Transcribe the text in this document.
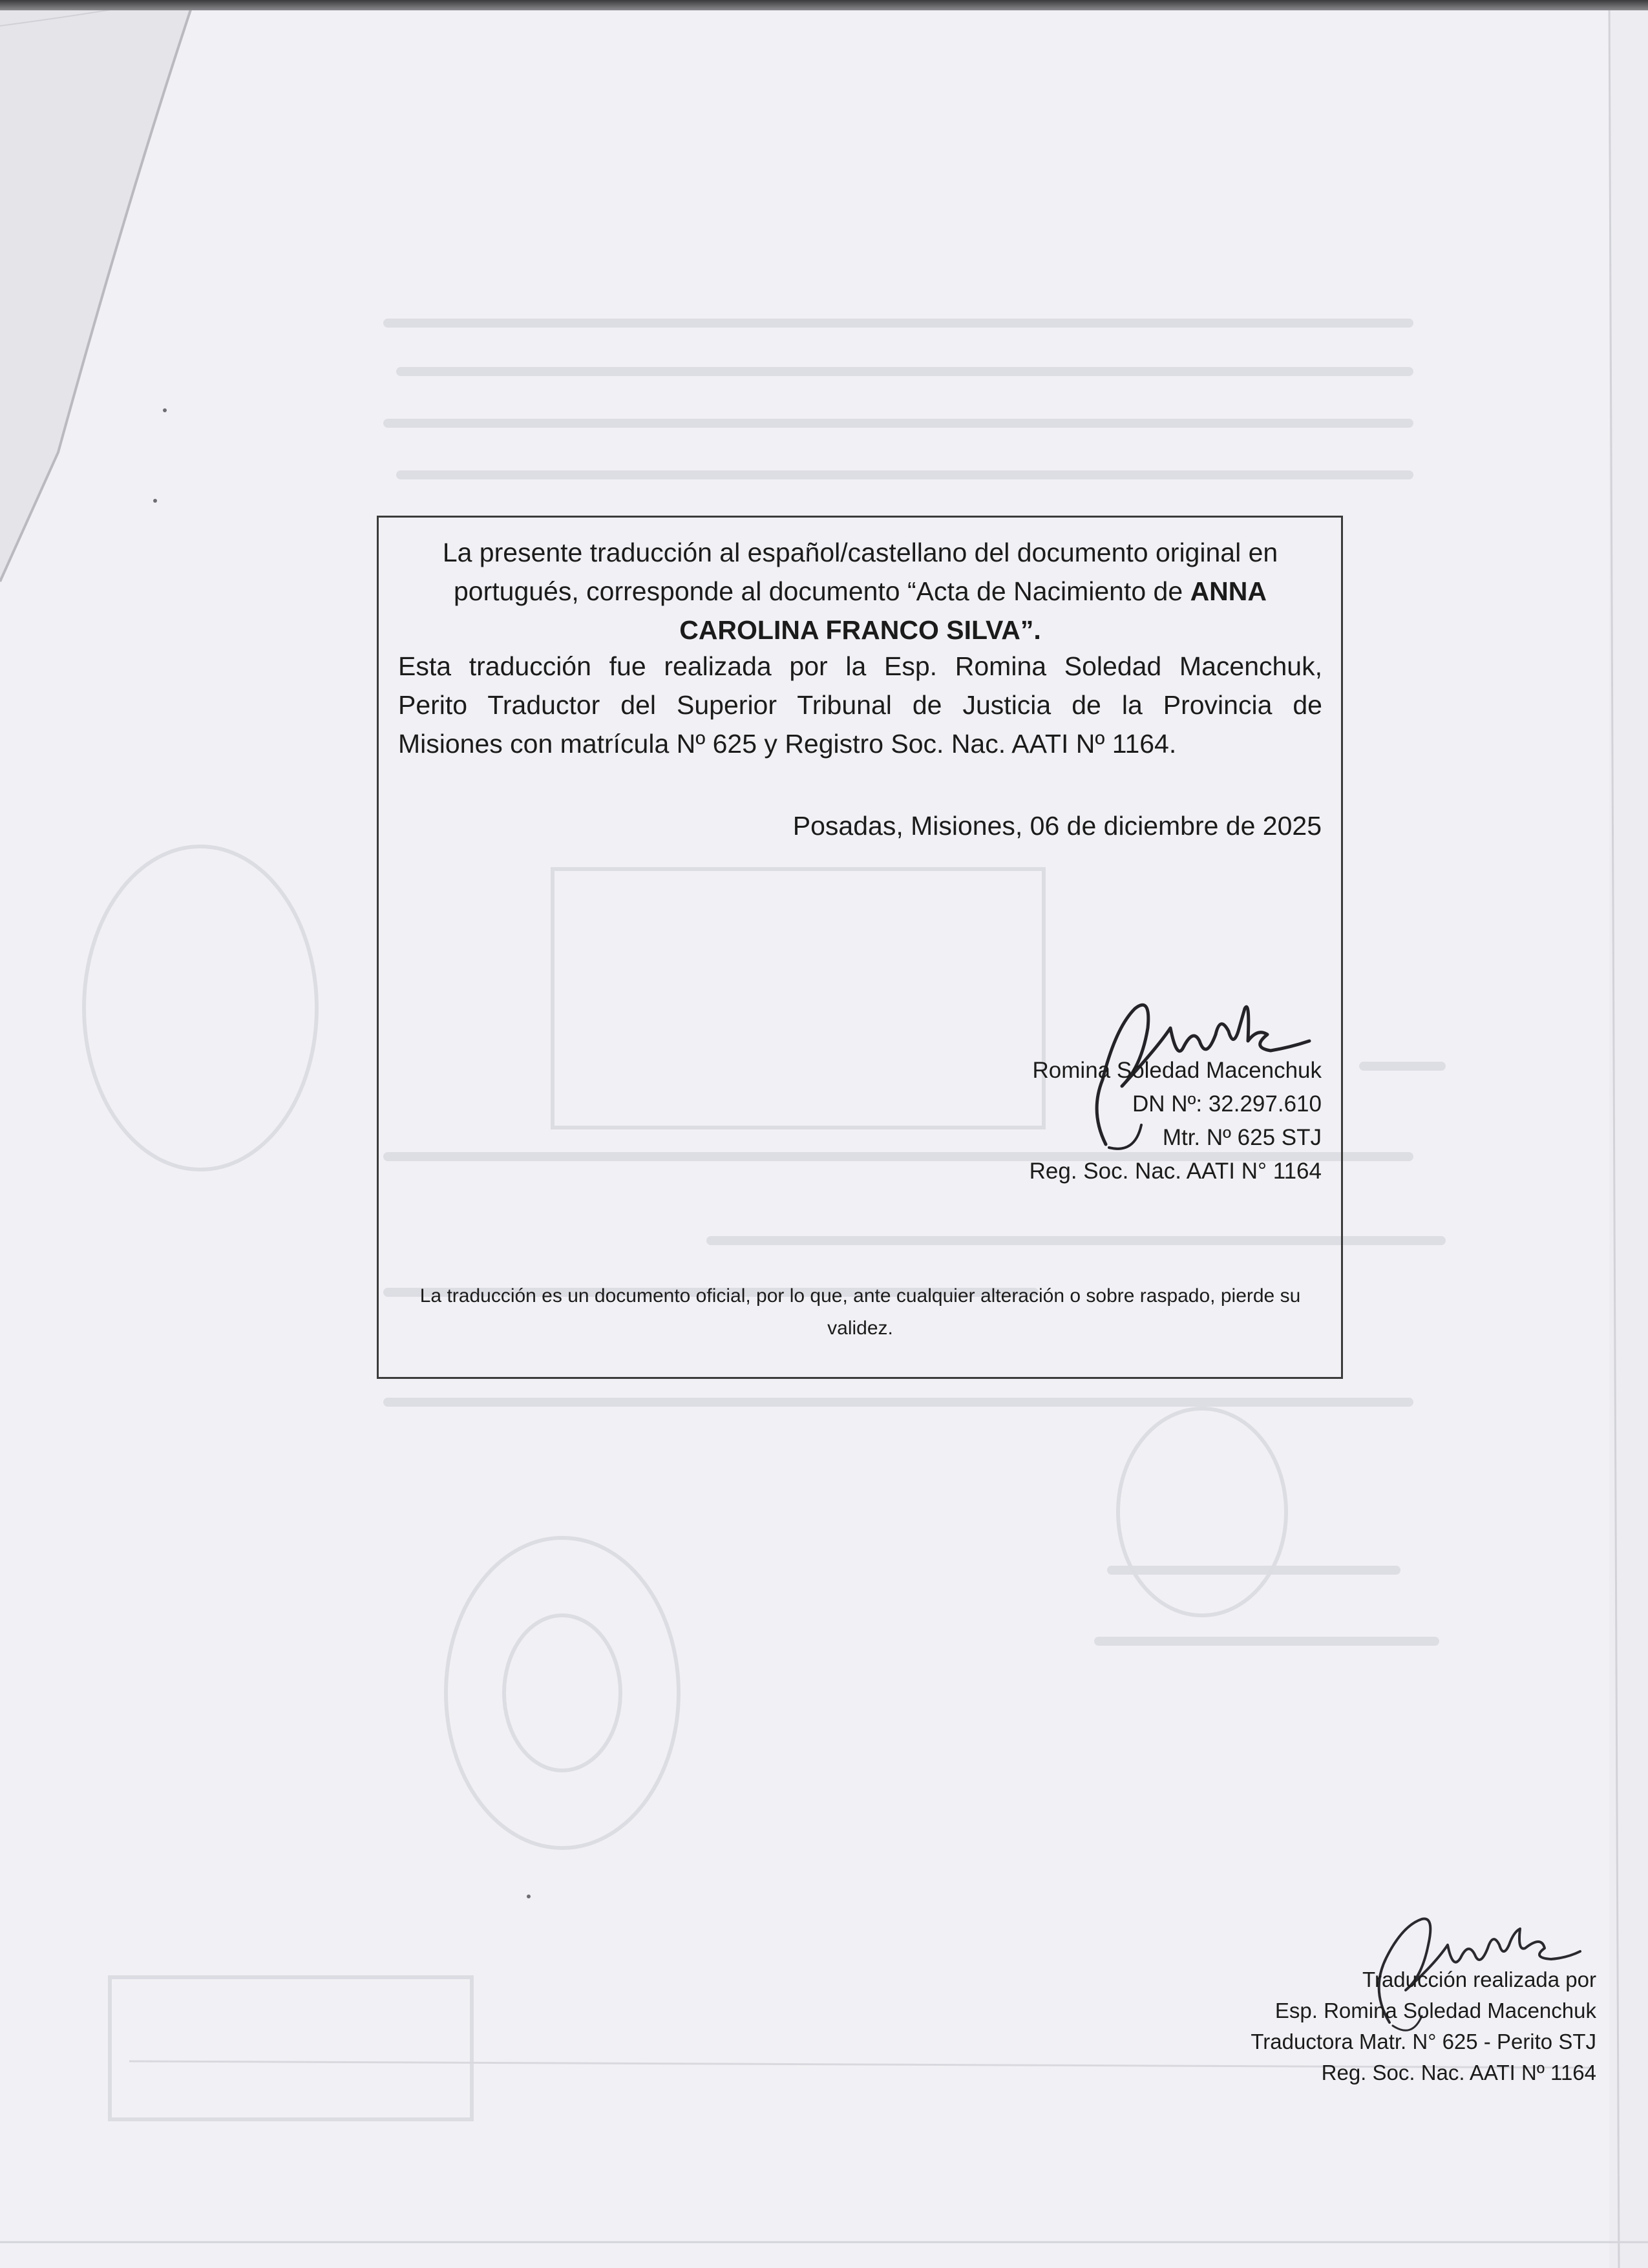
La presente traducción al español/castellano del documento original en portugués, corresponde al documento “Acta de Nacimiento de ANNA CAROLINA FRANCO SILVA”.

Esta traducción fue realizada por la Esp. Romina Soledad Macenchuk,
Perito Traductor del Superior Tribunal de Justicia de la Provincia de
Misiones con matrícula Nº 625 y Registro Soc. Nac. AATI Nº 1164.
Posadas, Misiones, 06 de diciembre de 2025
Romina Soledad Macenchuk
DN Nº: 32.297.610
Mtr. Nº 625 STJ
Reg. Soc. Nac. AATI N° 1164

La traducción es un documento oficial, por lo que, ante cualquier alteración o sobre raspado, pierde su validez.

Traducción realizada por
Esp. Romina Soledad Macenchuk
Traductora Matr. N° 625 - Perito STJ
Reg. Soc. Nac. AATI Nº 1164
